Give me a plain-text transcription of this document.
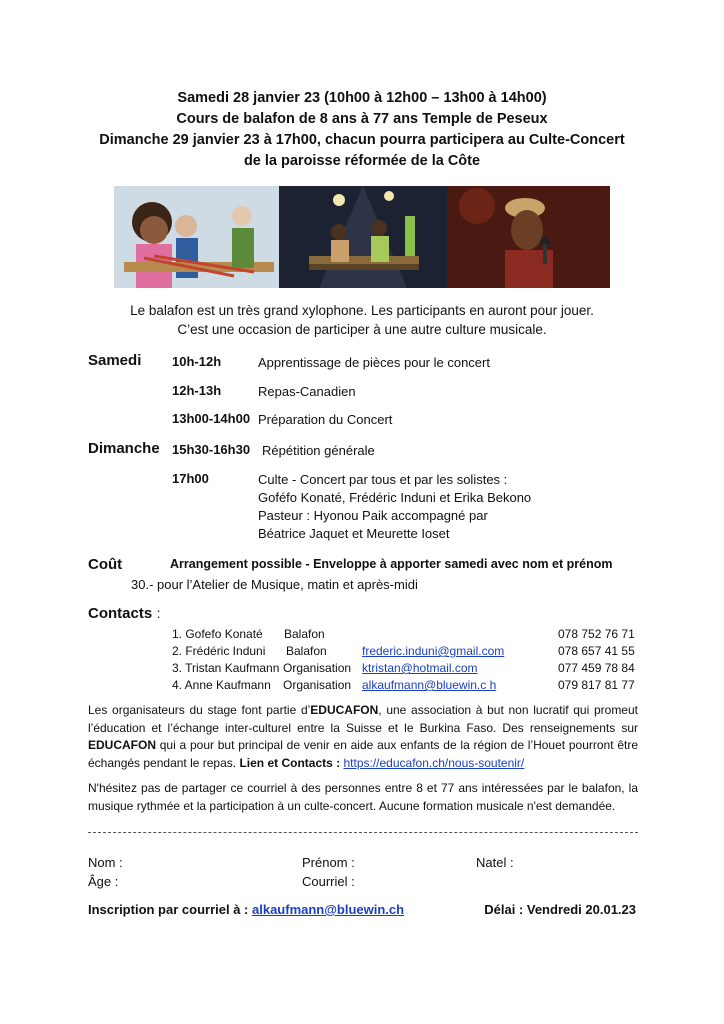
Samedi 28 janvier 23 (10h00 à 12h00 – 13h00 à 14h00)
Cours de balafon de 8 ans à 77 ans Temple de Peseux
Dimanche 29 janvier 23 à 17h00, chacun pourra participera au Culte-Concert
de la paroisse réformée de la Côte
Le balafon est un très grand xylophone. Les participants en auront pour jouer.
C’est une occasion de participer à une autre culture musicale.
Samedi 10h-12h	Apprentissage de pièces pour le concert
12h-13h	Repas-Canadien
13h00-14h00 Préparation du Concert
Dimanche 15h30-16h30 Répétition générale
17h00	Culte - Concert par tous et par les solistes :
Goféfo Konaté, Frédéric Induni et Erika Bekono
Pasteur : Hyonou Paik accompagné par
Béatrice Jaquet et Meurette Ioset
Coût	Arrangement possible - Enveloppe à apporter samedi avec nom et prénom
30.- pour l’Atelier de Musique, matin et après-midi
Contacts :
1. Gofefo Konaté Balafon	078 752 76 71
2. Frédéric Induni Balafon	frederic.induni@gmail.com	078 657 41 55
3. Tristan Kaufmann Organisation ktristan@hotmail.com	077 459 78 84
4. Anne Kaufmann Organisation alkaufmann@bluewin.c h	079 817 81 77
Les organisateurs du stage font partie d’EDUCAFON, une association à but non lucratif qui promeut l’éducation et l’échange inter-culturel entre la Suisse et le Burkina Faso. Des renseignements sur EDUCAFON qui a pour but principal de venir en aide aux enfants de la région de l’Houet pourront être échangés pendant le repas. Lien et Contacts : https://educafon.ch/nous-soutenir/
N'hésitez pas de partager ce courriel à des personnes entre 8 et 77 ans intéressées par le balafon, la musique rythmée et la participation à un culte-concert. Aucune formation musicale n'est demandée.
Nom :	Prénom :	Natel :
Âge :	Courriel :
Inscription par courriel à : alkaufmann@bluewin.ch	Délai : Vendredi 20.01.23
